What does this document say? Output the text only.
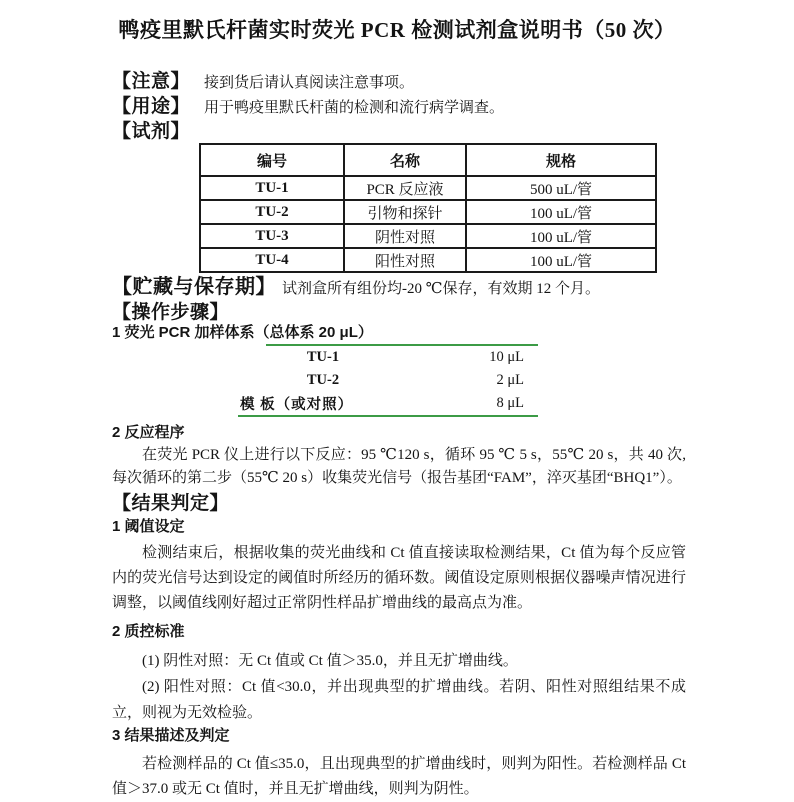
鸭疫里默氏杆菌实时荧光 PCR 检测试剂盒说明书（50 次）
【注意】 接到货后请认真阅读注意事项。
【用途】 用于鸭疫里默氏杆菌的检测和流行病学调查。
【试剂】
编号	名称	规格
TU-1	PCR 反应液	500 uL/管
TU-2	引物和探针	100 uL/管
TU-3	阴性对照	100 uL/管
TU-4	阳性对照	100 uL/管
【贮藏与保存期】 试剂盒所有组份均-20 ℃保存，有效期 12 个月。
【操作步骤】
1 荧光 PCR 加样体系（总体系 20 μL）
TU-1	10 μL
TU-2	2 μL
模 板（或对照）	8 μL
2 反应程序

在荧光 PCR 仪上进行以下反应：95 ℃120 s，循环 95 ℃ 5 s，55℃ 20 s，共 40 次, 每次循环的第二步（55℃ 20 s）收集荧光信号（报告基团“FAM”，淬灭基团“BHQ1”）。

【结果判定】
1 阈值设定

检测结束后，根据收集的荧光曲线和 Ct 值直接读取检测结果，Ct 值为每个反应管内的荧光信号达到设定的阈值时所经历的循环数。阈值设定原则根据仪器噪声情况进行调整，以阈值线刚好超过正常阴性样品扩增曲线的最高点为准。

2 质控标准

(1) 阴性对照：无 Ct 值或 Ct 值＞35.0，并且无扩增曲线。

(2) 阳性对照：Ct 值<30.0，并出现典型的扩增曲线。若阴、阳性对照组结果不成立，则视为无效检验。

3 结果描述及判定

若检测样品的 Ct 值≤35.0，且出现典型的扩增曲线时，则判为阳性。若检测样品 Ct 值＞37.0 或无 Ct 值时，并且无扩增曲线，则判为阴性。
